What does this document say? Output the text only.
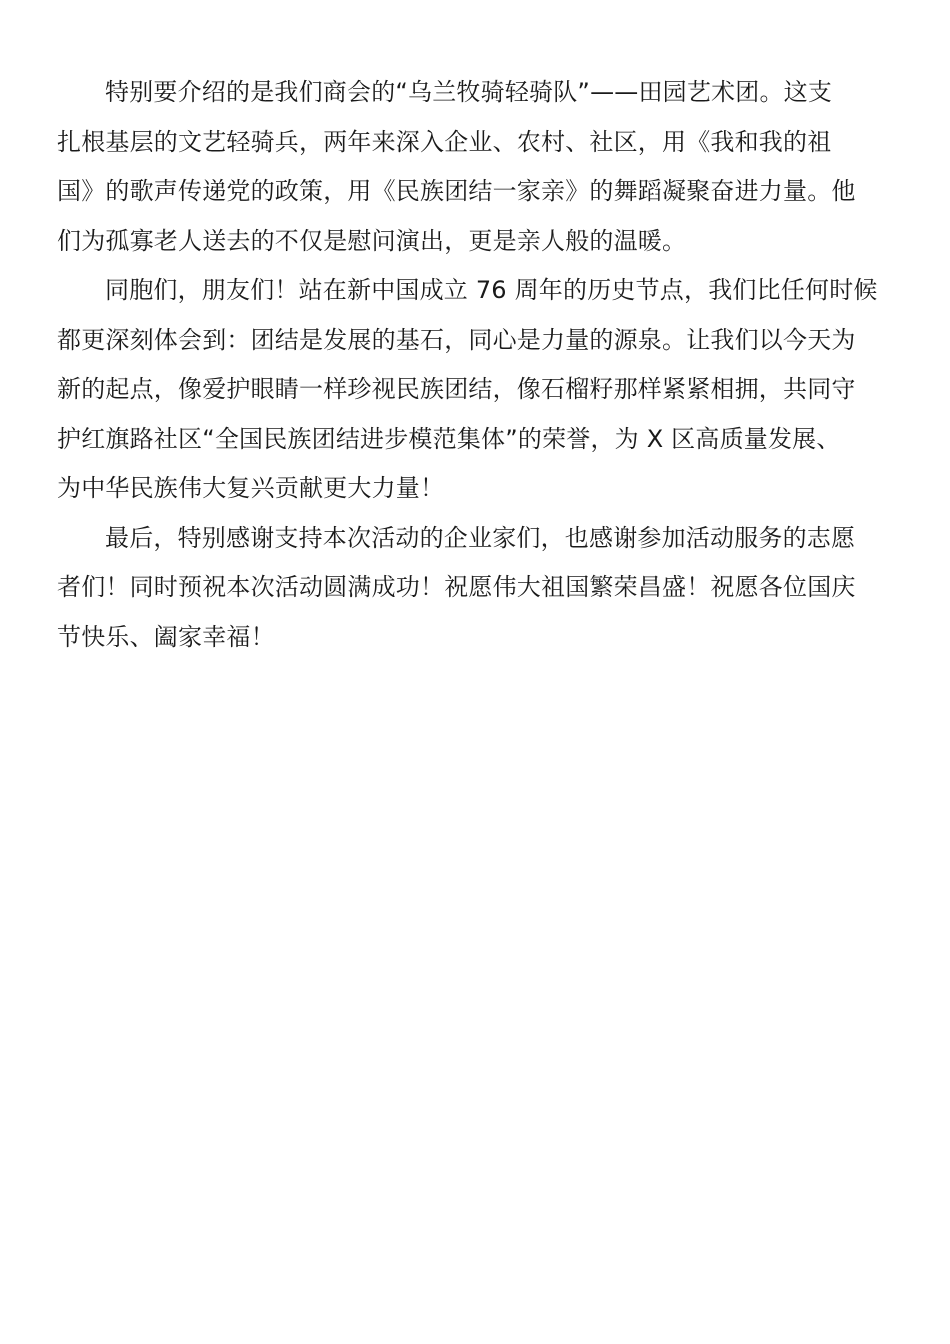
特别要介绍的是我们商会的“乌兰牧骑轻骑队”——田园艺术团。这支
扎根基层的文艺轻骑兵，两年来深入企业、农村、社区，用《我和我的祖
国》的歌声传递党的政策，用《民族团结一家亲》的舞蹈凝聚奋进力量。他
们为孤寡老人送去的不仅是慰问演出，更是亲人般的温暖。

同胞们，朋友们！站在新中国成立 76 周年的历史节点，我们比任何时候
都更深刻体会到：团结是发展的基石，同心是力量的源泉。让我们以今天为
新的起点，像爱护眼睛一样珍视民族团结，像石榴籽那样紧紧相拥，共同守
护红旗路社区“全国民族团结进步模范集体”的荣誉，为 X 区高质量发展、
为中华民族伟大复兴贡献更大力量！

最后，特别感谢支持本次活动的企业家们，也感谢参加活动服务的志愿
者们！同时预祝本次活动圆满成功！祝愿伟大祖国繁荣昌盛！祝愿各位国庆
节快乐、阖家幸福！
